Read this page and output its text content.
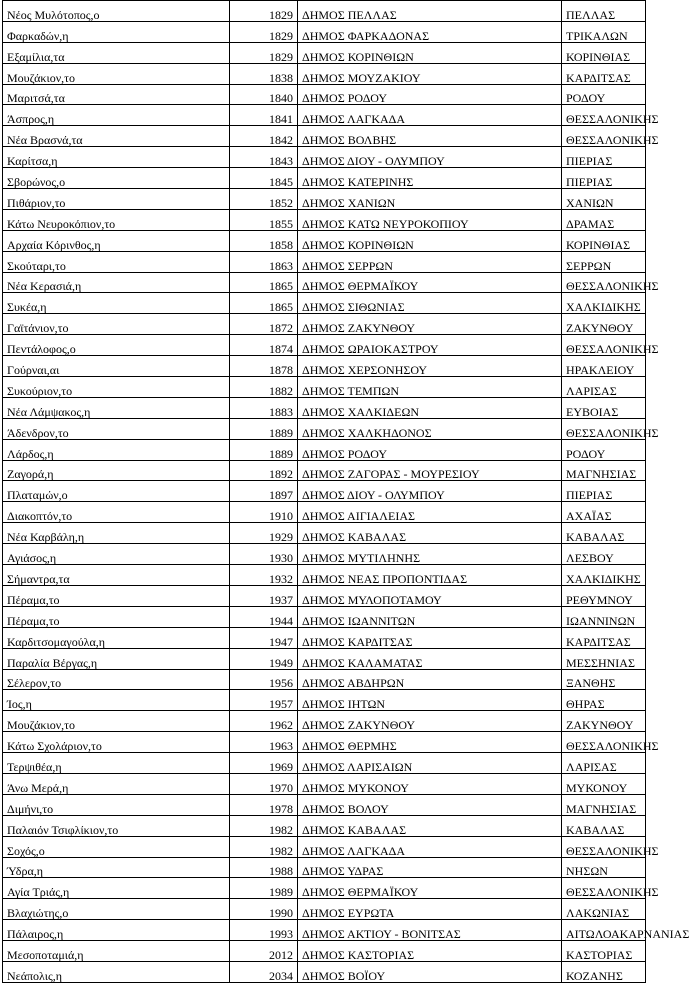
Νέος Μυλότοπος,ο	1829	ΔΗΜΟΣ ΠΕΛΛΑΣ	ΠΕΛΛΑΣ
Φαρκαδών,η	1829	ΔΗΜΟΣ ΦΑΡΚΑΔΟΝΑΣ	ΤΡΙΚΑΛΩΝ
Εξαμίλια,τα	1829	ΔΗΜΟΣ ΚΟΡΙΝΘΙΩΝ	ΚΟΡΙΝΘΙΑΣ
Μουζάκιον,το	1838	ΔΗΜΟΣ ΜΟΥΖΑΚΙΟΥ	ΚΑΡΔΙΤΣΑΣ
Μαριτσά,τα	1840	ΔΗΜΟΣ ΡΟΔΟΥ	ΡΟΔΟΥ
Άσπρος,η	1841	ΔΗΜΟΣ ΛΑΓΚΑΔΑ	ΘΕΣΣΑΛΟΝΙΚΗΣ
Νέα Βρασνά,τα	1842	ΔΗΜΟΣ ΒΟΛΒΗΣ	ΘΕΣΣΑΛΟΝΙΚΗΣ
Καρίτσα,η	1843	ΔΗΜΟΣ ΔΙΟΥ - ΟΛΥΜΠΟΥ	ΠΙΕΡΙΑΣ
Σβορώνος,ο	1845	ΔΗΜΟΣ ΚΑΤΕΡΙΝΗΣ	ΠΙΕΡΙΑΣ
Πιθάριον,το	1852	ΔΗΜΟΣ ΧΑΝΙΩΝ	ΧΑΝΙΩΝ
Κάτω Νευροκόπιον,το	1855	ΔΗΜΟΣ ΚΑΤΩ ΝΕΥΡΟΚΟΠΙΟΥ	ΔΡΑΜΑΣ
Αρχαία Κόρινθος,η	1858	ΔΗΜΟΣ ΚΟΡΙΝΘΙΩΝ	ΚΟΡΙΝΘΙΑΣ
Σκούταρι,το	1863	ΔΗΜΟΣ ΣΕΡΡΩΝ	ΣΕΡΡΩΝ
Νέα Κερασιά,η	1865	ΔΗΜΟΣ ΘΕΡΜΑΪΚΟΥ	ΘΕΣΣΑΛΟΝΙΚΗΣ
Συκέα,η	1865	ΔΗΜΟΣ ΣΙΘΩΝΙΑΣ	ΧΑΛΚΙΔΙΚΗΣ
Γαϊτάνιον,το	1872	ΔΗΜΟΣ ΖΑΚΥΝΘΟΥ	ΖΑΚΥΝΘΟΥ
Πεντάλοφος,ο	1874	ΔΗΜΟΣ ΩΡΑΙΟΚΑΣΤΡΟΥ	ΘΕΣΣΑΛΟΝΙΚΗΣ
Γούρναι,αι	1878	ΔΗΜΟΣ ΧΕΡΣΟΝΗΣΟΥ	ΗΡΑΚΛΕΙΟΥ
Συκούριον,το	1882	ΔΗΜΟΣ ΤΕΜΠΩΝ	ΛΑΡΙΣΑΣ
Νέα Λάμψακος,η	1883	ΔΗΜΟΣ ΧΑΛΚΙΔΕΩΝ	ΕΥΒΟΙΑΣ
Άδενδρον,το	1889	ΔΗΜΟΣ ΧΑΛΚΗΔΟΝΟΣ	ΘΕΣΣΑΛΟΝΙΚΗΣ
Λάρδος,η	1889	ΔΗΜΟΣ ΡΟΔΟΥ	ΡΟΔΟΥ
Ζαγορά,η	1892	ΔΗΜΟΣ ΖΑΓΟΡΑΣ - ΜΟΥΡΕΣΙΟΥ	ΜΑΓΝΗΣΙΑΣ
Πλαταμών,ο	1897	ΔΗΜΟΣ ΔΙΟΥ - ΟΛΥΜΠΟΥ	ΠΙΕΡΙΑΣ
Διακοπτόν,το	1910	ΔΗΜΟΣ ΑΙΓΙΑΛΕΙΑΣ	ΑΧΑΪΑΣ
Νέα Καρβάλη,η	1929	ΔΗΜΟΣ ΚΑΒΑΛΑΣ	ΚΑΒΑΛΑΣ
Αγιάσος,η	1930	ΔΗΜΟΣ ΜΥΤΙΛΗΝΗΣ	ΛΕΣΒΟΥ
Σήμαντρα,τα	1932	ΔΗΜΟΣ ΝΕΑΣ ΠΡΟΠΟΝΤΙΔΑΣ	ΧΑΛΚΙΔΙΚΗΣ
Πέραμα,το	1937	ΔΗΜΟΣ ΜΥΛΟΠΟΤΑΜΟΥ	ΡΕΘΥΜΝΟΥ
Πέραμα,το	1944	ΔΗΜΟΣ ΙΩΑΝΝΙΤΩΝ	ΙΩΑΝΝΙΝΩΝ
Καρδιτσομαγούλα,η	1947	ΔΗΜΟΣ ΚΑΡΔΙΤΣΑΣ	ΚΑΡΔΙΤΣΑΣ
Παραλία Βέργας,η	1949	ΔΗΜΟΣ ΚΑΛΑΜΑΤΑΣ	ΜΕΣΣΗΝΙΑΣ
Σέλερον,το	1956	ΔΗΜΟΣ ΑΒΔΗΡΩΝ	ΞΑΝΘΗΣ
Ίος,η	1957	ΔΗΜΟΣ ΙΗΤΩΝ	ΘΗΡΑΣ
Μουζάκιον,το	1962	ΔΗΜΟΣ ΖΑΚΥΝΘΟΥ	ΖΑΚΥΝΘΟΥ
Κάτω Σχολάριον,το	1963	ΔΗΜΟΣ ΘΕΡΜΗΣ	ΘΕΣΣΑΛΟΝΙΚΗΣ
Τερψιθέα,η	1969	ΔΗΜΟΣ ΛΑΡΙΣΑΙΩΝ	ΛΑΡΙΣΑΣ
Άνω Μερά,η	1970	ΔΗΜΟΣ ΜΥΚΟΝΟΥ	ΜΥΚΟΝΟΥ
Διμήνι,το	1978	ΔΗΜΟΣ ΒΟΛΟΥ	ΜΑΓΝΗΣΙΑΣ
Παλαιόν Τσιφλίκιον,το	1982	ΔΗΜΟΣ ΚΑΒΑΛΑΣ	ΚΑΒΑΛΑΣ
Σοχός,ο	1982	ΔΗΜΟΣ ΛΑΓΚΑΔΑ	ΘΕΣΣΑΛΟΝΙΚΗΣ
Ύδρα,η	1988	ΔΗΜΟΣ ΥΔΡΑΣ	ΝΗΣΩΝ
Αγία Τριάς,η	1989	ΔΗΜΟΣ ΘΕΡΜΑΪΚΟΥ	ΘΕΣΣΑΛΟΝΙΚΗΣ
Βλαχιώτης,ο	1990	ΔΗΜΟΣ ΕΥΡΩΤΑ	ΛΑΚΩΝΙΑΣ
Πάλαιρος,η	1993	ΔΗΜΟΣ ΑΚΤΙΟΥ - ΒΟΝΙΤΣΑΣ	ΑΙΤΩΛΟΑΚΑΡΝΑΝΙΑΣ
Μεσοποταμιά,η	2012	ΔΗΜΟΣ ΚΑΣΤΟΡΙΑΣ	ΚΑΣΤΟΡΙΑΣ
Νεάπολις,η	2034	ΔΗΜΟΣ ΒΟΪΟΥ	ΚΟΖΑΝΗΣ
